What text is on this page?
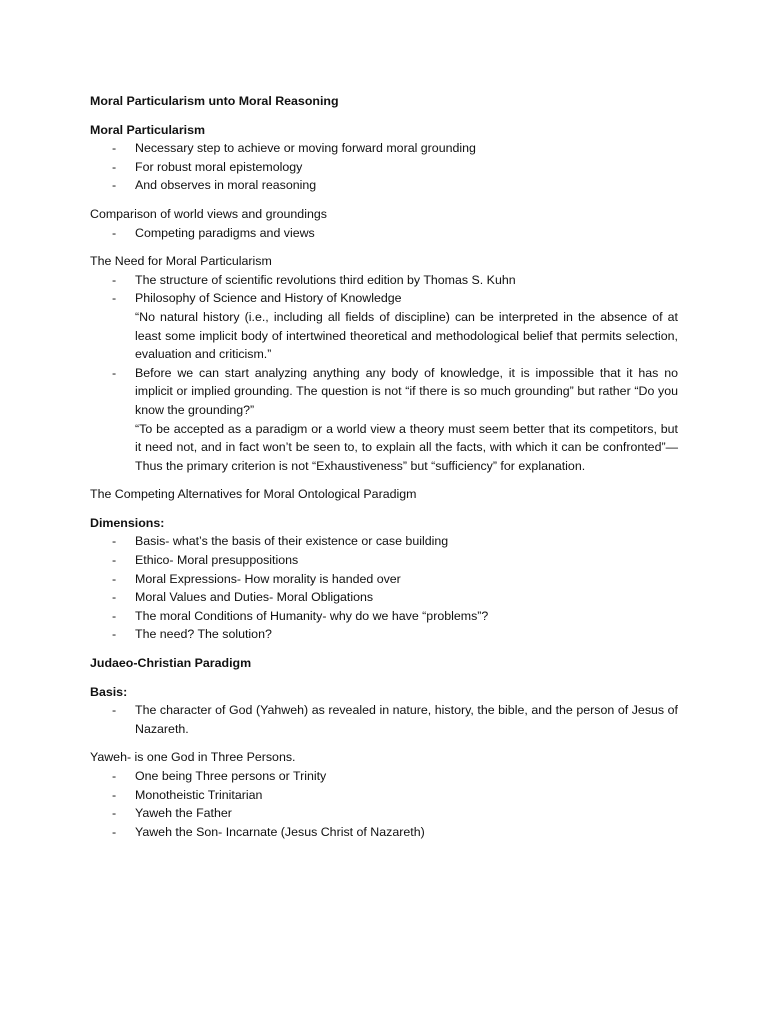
Moral Particularism unto Moral Reasoning

Moral Particularism

- Necessary step to achieve or moving forward moral grounding
- For robust moral epistemology
- And observes in moral reasoning

Comparison of world views and groundings

- Competing paradigms and views

The Need for Moral Particularism

- The structure of scientific revolutions third edition by Thomas S. Kuhn
- Philosophy of Science and History of Knowledge
“No natural history (i.e., including all fields of discipline) can be interpreted in the absence of at least some implicit body of intertwined theoretical and methodological belief that permits selection, evaluation and criticism.”
- Before we can start analyzing anything any body of knowledge, it is impossible that it has no implicit or implied grounding. The question is not “if there is so much grounding” but rather “Do you know the grounding?”
“To be accepted as a paradigm or a world view a theory must seem better that its competitors, but it need not, and in fact won’t be seen to, to explain all the facts, with which it can be confronted”—Thus the primary criterion is not “Exhaustiveness” but “sufficiency” for explanation.

The Competing Alternatives for Moral Ontological Paradigm

Dimensions:

- Basis- what’s the basis of their existence or case building
- Ethico- Moral presuppositions
- Moral Expressions- How morality is handed over
- Moral Values and Duties- Moral Obligations
- The moral Conditions of Humanity- why do we have “problems”?
- The need? The solution?

Judaeo-Christian Paradigm

Basis:

- The character of God (Yahweh) as revealed in nature, history, the bible, and the person of Jesus of Nazareth.

Yaweh- is one God in Three Persons.

- One being Three persons or Trinity
- Monotheistic Trinitarian
- Yaweh the Father
- Yaweh the Son- Incarnate (Jesus Christ of Nazareth)
